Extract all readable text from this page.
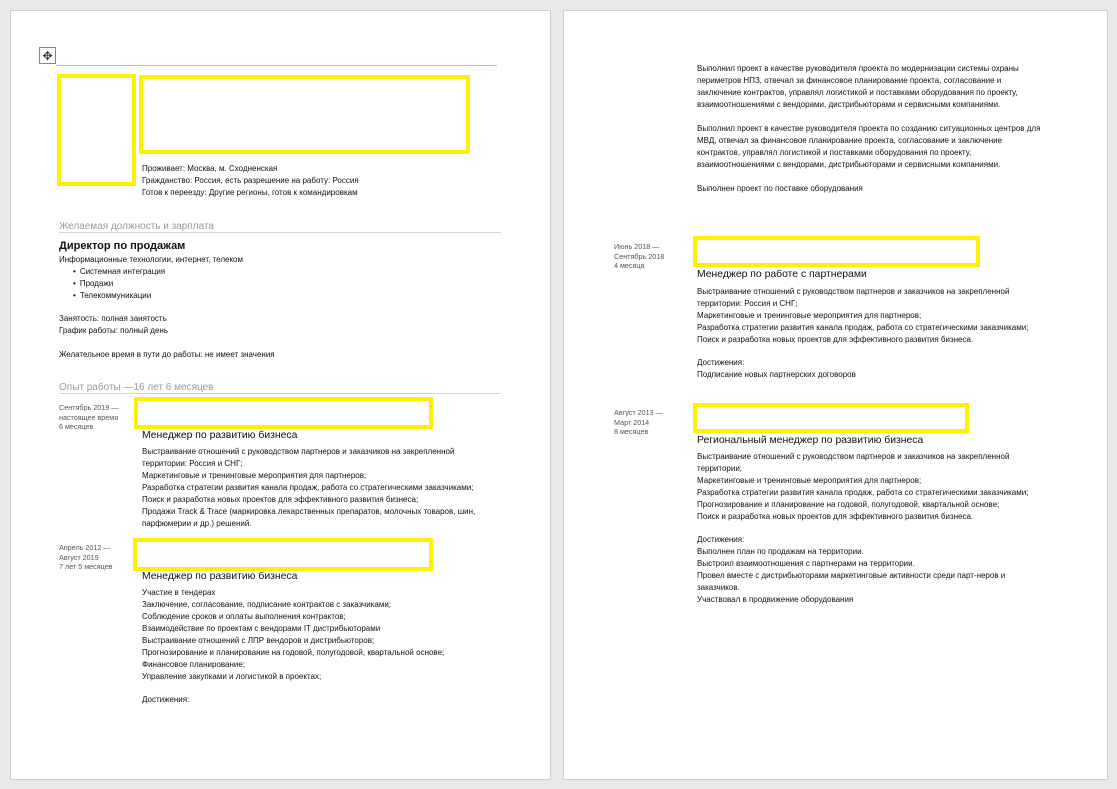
✥
Проживает: Москва, м. Сходненская
Гражданство: Россия, есть разрешение на работу: Россия
Готов к переезду: Другие регионы, готов к командировкам
Желаемая должность и зарплата
Директор по продажам
Информационные технологии, интернет, телеком
• Системная интеграция
• Продажи
• Телекоммуникации
Занятость: полная занятость
График работы: полный день
Желательное время в пути до работы: не имеет значения
Опыт работы —16 лет 6 месяцев
Сентябрь 2019 —
настоящее время
6 месяцев
Менеджер по развитию бизнеса
Выстраивание отношений с руководством партнеров и заказчиков на закрепленной
территории: Россия и СНГ;
Маркетинговые и тренинговые мероприятия для партнеров;
Разработка стратегии развития канала продаж, работа со стратегическими заказчиками;
Поиск и разработка новых проектов для эффективного развития бизнеса;
Продажи Track & Trace (маркировка лекарственных препаратов, молочных товаров, шин,
парфюмерии и др.) решений.
Апрель 2012 —
Август 2019
7 лет 5 месяцев
Менеджер по развитию бизнеса
Участие в тендерах
Заключение, согласование, подписание контрактов с заказчиками;
Соблюдение сроков и оплаты выполнения контрактов;
Взаимодействие по проектам с вендорами IT дистрибьюторами
Выстраивание отношений с ЛПР вендоров и дистрибьюторов;
Прогнозирование и планирование на годовой, полугодовой, квартальной основе;
Финансовое планирование;
Управление закупками и логистикой в проектах;
Достижения:
Выполнил проект в качестве руководителя проекта по модернизации системы охраны
периметров НПЗ, отвечал за финансовое планирование проекта, согласование и
заключение контрактов, управлял логистикой и поставками оборудования по проекту,
взаимоотношениями с вендорами, дистрибьюторами и сервисными компаниями.
Выполнил проект в качестве руководителя проекта по созданию ситуационных центров для
МВД, отвечал за финансовое планирование проекта, согласование и заключение
контрактов, управлял логистикой и поставками оборудования по проекту,
взаимоотношениями с вендорами, дистрибьюторами и сервисными компаниями.
Выполнен проект по поставке оборудования
Июнь 2018 —
Сентябрь 2018
4 месяца
Менеджер по работе с партнерами
Выстраивание отношений с руководством партнеров и заказчиков на закрепленной
территории: Россия и СНГ;
Маркетинговые и тренинговые мероприятия для партнеров;
Разработка стратегии развития канала продаж, работа со стратегическими заказчиками;
Поиск и разработка новых проектов для эффективного развития бизнеса.
Достижения:
Подписание новых партнерских договоров
Август 2013 —
Март 2014
8 месяцев
Региональный менеджер по развитию бизнеса
Выстраивание отношений с руководством партнеров и заказчиков на закрепленной
территории;
Маркетинговые и тренинговые мероприятия для партнеров;
Разработка стратегии развития канала продаж, работа со стратегическими заказчиками;
Прогнозирование и планирование на годовой, полугодовой, квартальной основе;
Поиск и разработка новых проектов для эффективного развития бизнеса.
Достижения:
Выполнен план по продажам на территории.
Выстроил взаимоотношения с партнерами на территории.
Провел вместе с дистрибьюторами маркетинговые активности среди парт-неров и
заказчиков.
Участвовал в продвижение оборудования
